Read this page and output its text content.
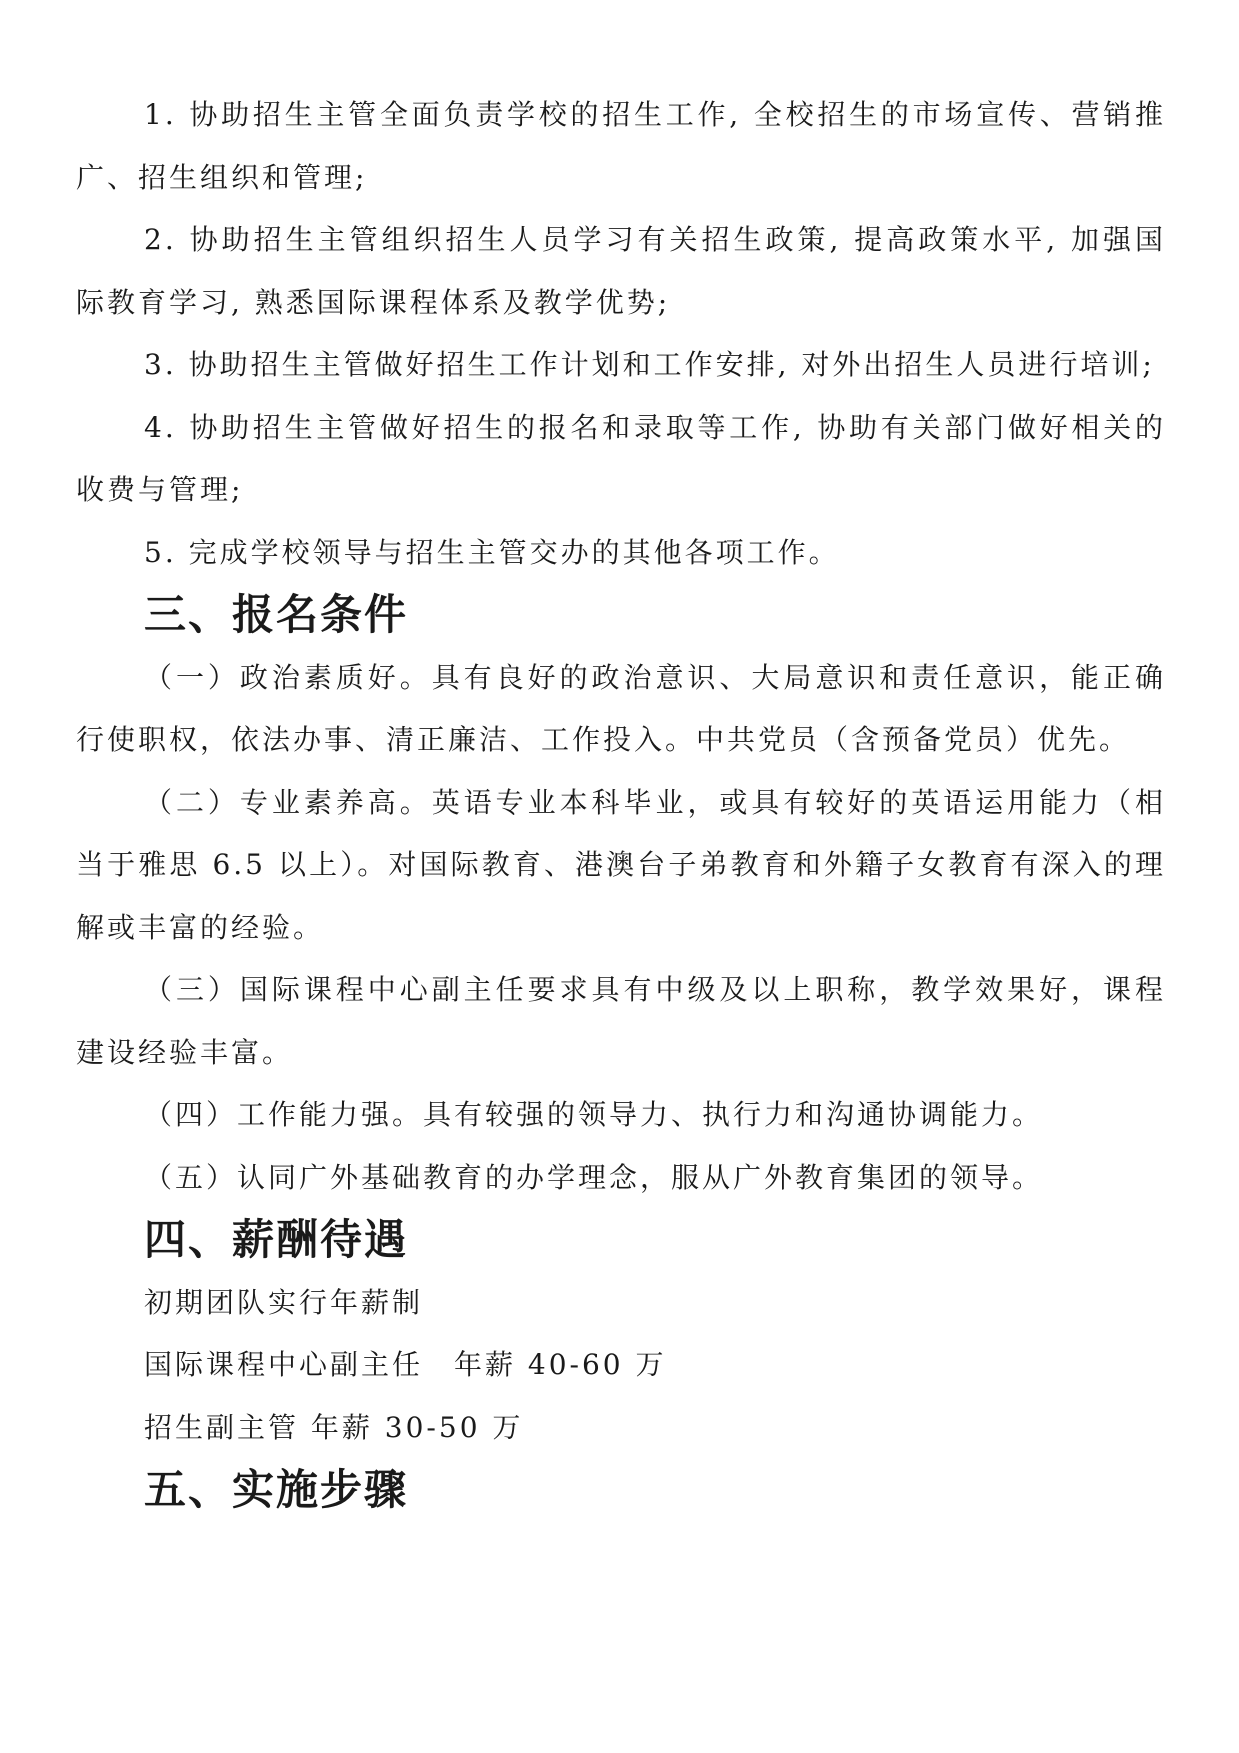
1. 协助招生主管全面负责学校的招生工作, 全校招生的市场宣传、营销推广、招生组织和管理;

2. 协助招生主管组织招生人员学习有关招生政策, 提高政策水平, 加强国际教育学习, 熟悉国际课程体系及教学优势;

3. 协助招生主管做好招生工作计划和工作安排, 对外出招生人员进行培训;

4. 协助招生主管做好招生的报名和录取等工作, 协助有关部门做好相关的收费与管理;

5. 完成学校领导与招生主管交办的其他各项工作。

三、报名条件

（一）政治素质好。具有良好的政治意识、大局意识和责任意识，能正确行使职权，依法办事、清正廉洁、工作投入。中共党员（含预备党员）优先。

（二）专业素养高。英语专业本科毕业，或具有较好的英语运用能力（相当于雅思 6.5 以上）。对国际教育、港澳台子弟教育和外籍子女教育有深入的理解或丰富的经验。

（三）国际课程中心副主任要求具有中级及以上职称，教学效果好，课程建设经验丰富。

（四）工作能力强。具有较强的领导力、执行力和沟通协调能力。

（五）认同广外基础教育的办学理念，服从广外教育集团的领导。

四、薪酬待遇

初期团队实行年薪制

国际课程中心副主任　年薪 40-60 万

招生副主管 年薪 30-50 万

五、实施步骤
